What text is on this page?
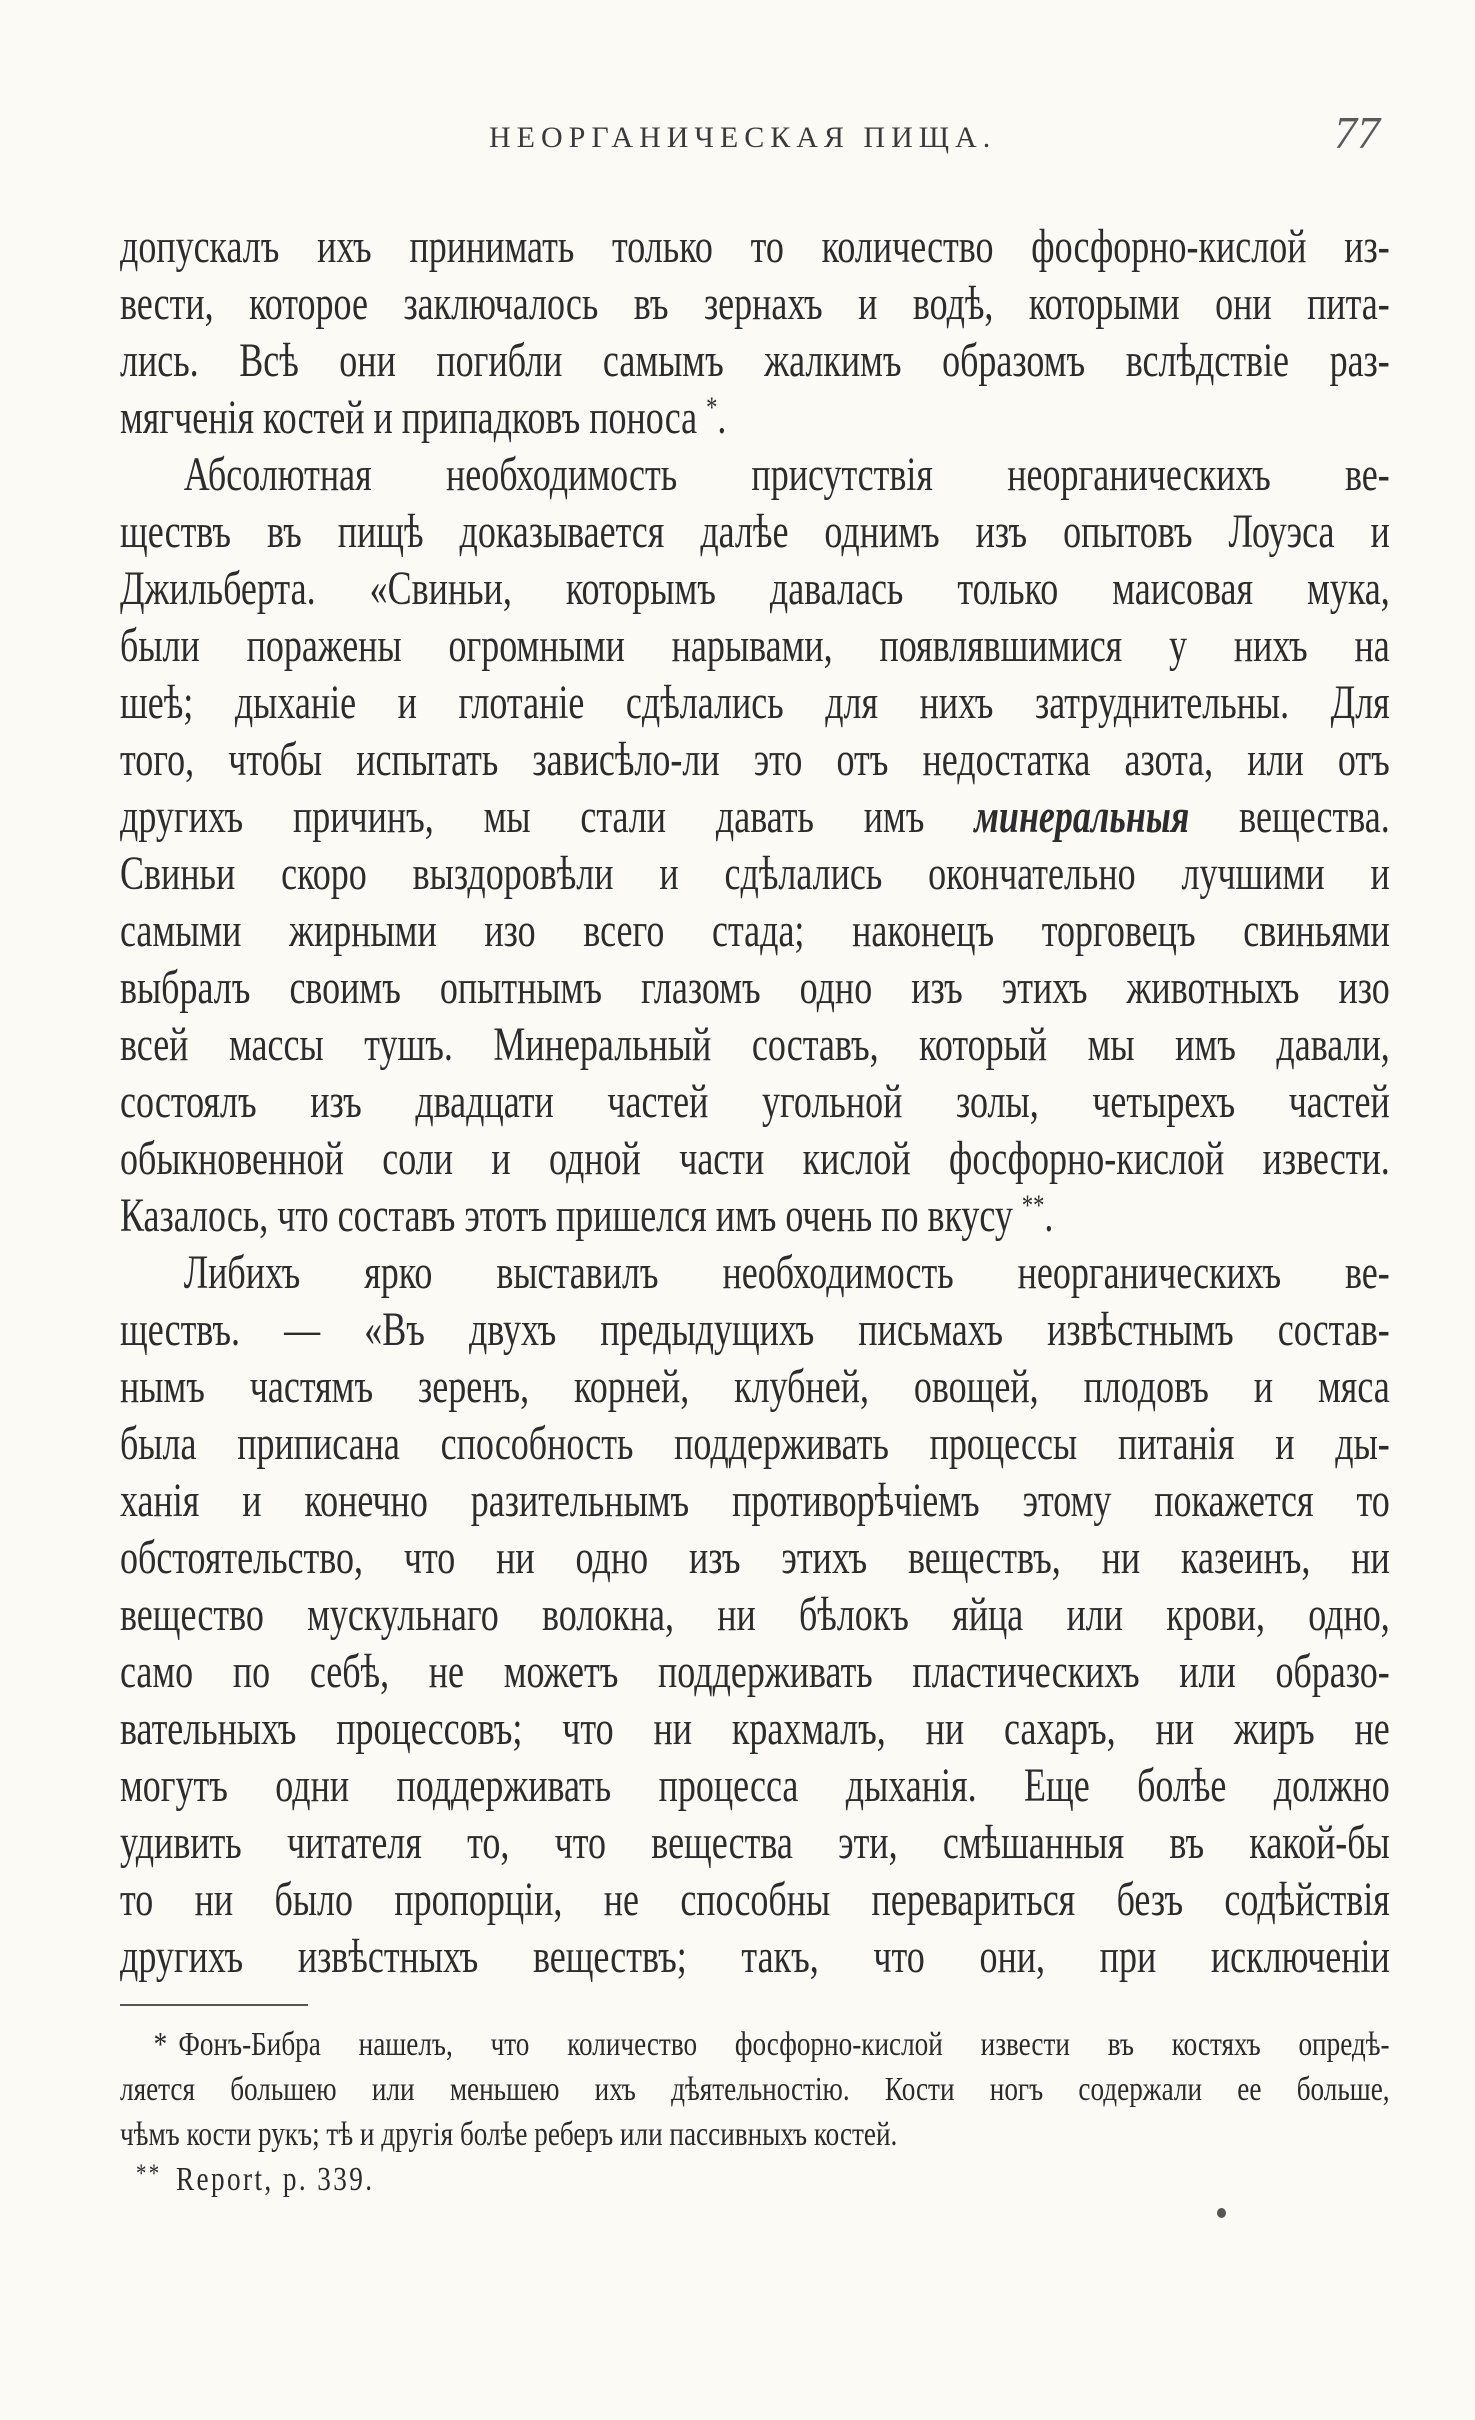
НЕОРГАНИЧЕСКАЯ ПИЩА.	77
допускалъ ихъ принимать только то количество фосфорно-кислой из-
вести, которое заключалось въ зернахъ и водѣ, которыми они пита-
лись. Всѣ они погибли самымъ жалкимъ образомъ вслѣдствіе раз-
мягченія костей и припадковъ поноса *.
Абсолютная необходимость присутствія неорганическихъ ве-
ществъ въ пищѣ доказывается далѣе однимъ изъ опытовъ Лоуэса и
Джильберта. «Свиньи, которымъ давалась только маисовая мука,
были поражены огромными нарывами, появлявшимися у нихъ на
шеѣ; дыханіе и глотаніе сдѣлались для нихъ затруднительны. Для
того, чтобы испытать зависѣло-ли это отъ недостатка азота, или отъ
другихъ причинъ, мы стали давать имъ минеральныя вещества.
Свиньи скоро выздоровѣли и сдѣлались окончательно лучшими и
самыми жирными изо всего стада; наконецъ торговецъ свиньями
выбралъ своимъ опытнымъ глазомъ одно изъ этихъ животныхъ изо
всей массы тушъ. Минеральный составъ, который мы имъ давали,
состоялъ изъ двадцати частей угольной золы, четырехъ частей
обыкновенной соли и одной части кислой фосфорно-кислой извести.
Казалось, что составъ этотъ пришелся имъ очень по вкусу **.
Либихъ ярко выставилъ необходимость неорганическихъ ве-
ществъ. — «Въ двухъ предыдущихъ письмахъ извѣстнымъ состав-
нымъ частямъ зеренъ, корней, клубней, овощей, плодовъ и мяса
была приписана способность поддерживать процессы питанія и ды-
ханія и конечно разительнымъ противорѣчіемъ этому покажется то
обстоятельство, что ни одно изъ этихъ веществъ, ни казеинъ, ни
вещество мускульнаго волокна, ни бѣлокъ яйца или крови, одно,
само по себѣ, не можетъ поддерживать пластическихъ или образо-
вательныхъ процессовъ; что ни крахмалъ, ни сахаръ, ни жиръ не
могутъ одни поддерживать процесса дыханія. Еще болѣе должно
удивить читателя то, что вещества эти, смѣшанныя въ какой-бы
то ни было пропорціи, не способны перевариться безъ содѣйствія
другихъ извѣстныхъ веществъ; такъ, что они, при исключеніи
* Фонъ-Бибра нашелъ, что количество фосфорно-кислой извести въ костяхъ опредѣ-
ляется большею или меньшею ихъ дѣятельностію. Кости ногъ содержали ее больше,
чѣмъ кости рукъ; тѣ и другія болѣе реберъ или пассивныхъ костей.
** Report, p. 339.
